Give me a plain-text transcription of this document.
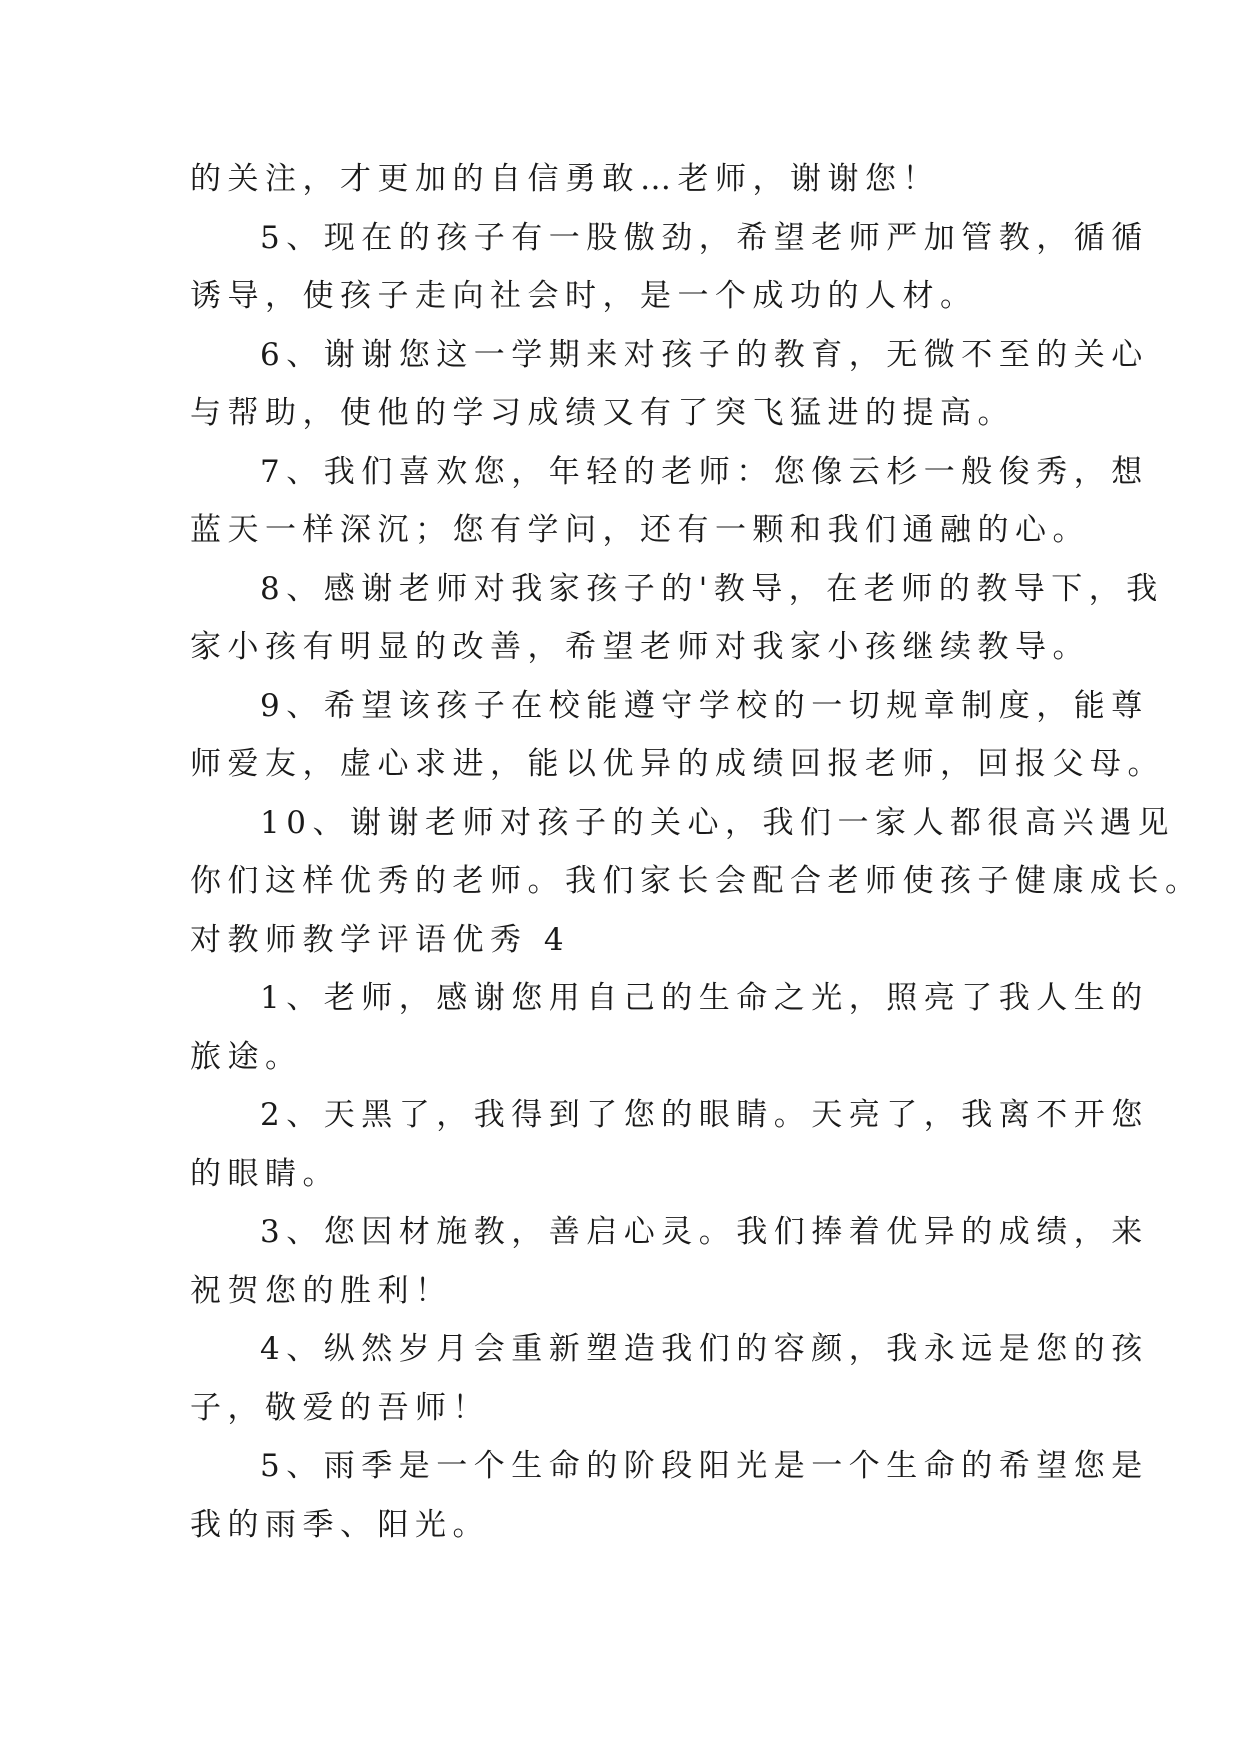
的关注，才更加的自信勇敢…老师，谢谢您！
5、现在的孩子有一股傲劲，希望老师严加管教，循循
诱导，使孩子走向社会时，是一个成功的人材。
6、谢谢您这一学期来对孩子的教育，无微不至的关心
与帮助，使他的学习成绩又有了突飞猛进的提高。
7、我们喜欢您，年轻的老师：您像云杉一般俊秀，想
蓝天一样深沉；您有学问，还有一颗和我们通融的心。
8、感谢老师对我家孩子的'教导，在老师的教导下，我
家小孩有明显的改善，希望老师对我家小孩继续教导。
9、希望该孩子在校能遵守学校的一切规章制度，能尊
师爱友，虚心求进，能以优异的成绩回报老师，回报父母。
10、谢谢老师对孩子的关心，我们一家人都很高兴遇见
你们这样优秀的老师。我们家长会配合老师使孩子健康成长。
对教师教学评语优秀 4
1、老师，感谢您用自己的生命之光，照亮了我人生的
旅途。
2、天黑了，我得到了您的眼睛。天亮了，我离不开您
的眼睛。
3、您因材施教，善启心灵。我们捧着优异的成绩，来
祝贺您的胜利！
4、纵然岁月会重新塑造我们的容颜，我永远是您的孩
子，敬爱的吾师！
5、雨季是一个生命的阶段阳光是一个生命的希望您是
我的雨季、阳光。
